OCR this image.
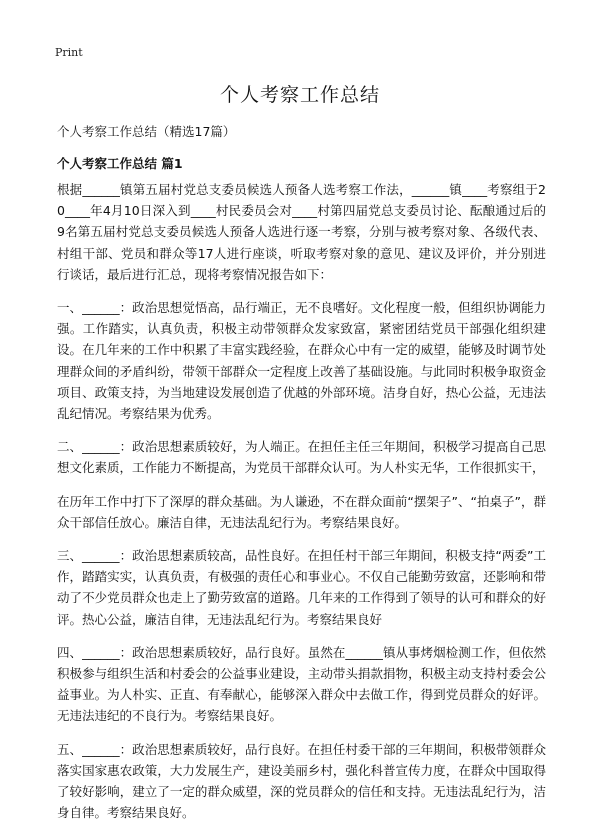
Print
个人考察工作总结

个人考察工作总结（精选17篇）

个人考察工作总结 篇1

根据______镇第五届村党总支委员候选人预备人选考察工作法，______镇____考察组于20____年4月10日深入到____村民委员会对____村第四届党总支委员讨论、酝酿通过后的9名第五届村党总支委员候选人预备人选进行逐一考察，分别与被考察对象、各级代表、村组干部、党员和群众等17人进行座谈，听取考察对象的意见、建议及评价，并分别进行谈话，最后进行汇总，现将考察情况报告如下：

一、______：政治思想觉悟高，品行端正，无不良嗜好。文化程度一般，但组织协调能力强。工作踏实，认真负责，积极主动带领群众发家致富，紧密团结党员干部强化组织建设。在几年来的工作中积累了丰富实践经验，在群众心中有一定的威望，能够及时调节处理群众间的矛盾纠纷，带领干部群众一定程度上改善了基础设施。与此同时积极争取资金项目、政策支持，为当地建设发展创造了优越的外部环境。洁身自好，热心公益，无违法乱纪情况。考察结果为优秀。

二、______：政治思想素质较好，为人端正。在担任主任三年期间，积极学习提高自己思想文化素质，工作能力不断提高，为党员干部群众认可。为人朴实无华，工作很抓实干，

在历年工作中打下了深厚的群众基础。为人谦逊，不在群众面前“摆架子”、“拍桌子”，群众干部信任放心。廉洁自律，无违法乱纪行为。考察结果良好。

三、______：政治思想素质较高，品性良好。在担任村干部三年期间，积极支持“两委”工作，踏踏实实，认真负责，有极强的责任心和事业心。不仅自己能勤劳致富，还影响和带动了不少党员群众也走上了勤劳致富的道路。几年来的工作得到了领导的认可和群众的好评。热心公益，廉洁自律，无违法乱纪行为。考察结果良好

四、______：政治思想素质较好，品行良好。虽然在______镇从事烤烟检测工作，但依然积极参与组织生活和村委会的公益事业建设，主动带头捐款捐物，积极主动支持村委会公益事业。为人朴实、正直、有奉献心，能够深入群众中去做工作，得到党员群众的好评。无违法违纪的不良行为。考察结果良好。

五、______：政治思想素质较好，品行良好。在担任村委干部的三年期间，积极带领群众落实国家惠农政策，大力发展生产，建设美丽乡村，强化科普宣传力度，在群众中国取得了较好影响，建立了一定的群众威望，深的党员群众的信任和支持。无违法乱纪行为，洁身自律。考察结果良好。
